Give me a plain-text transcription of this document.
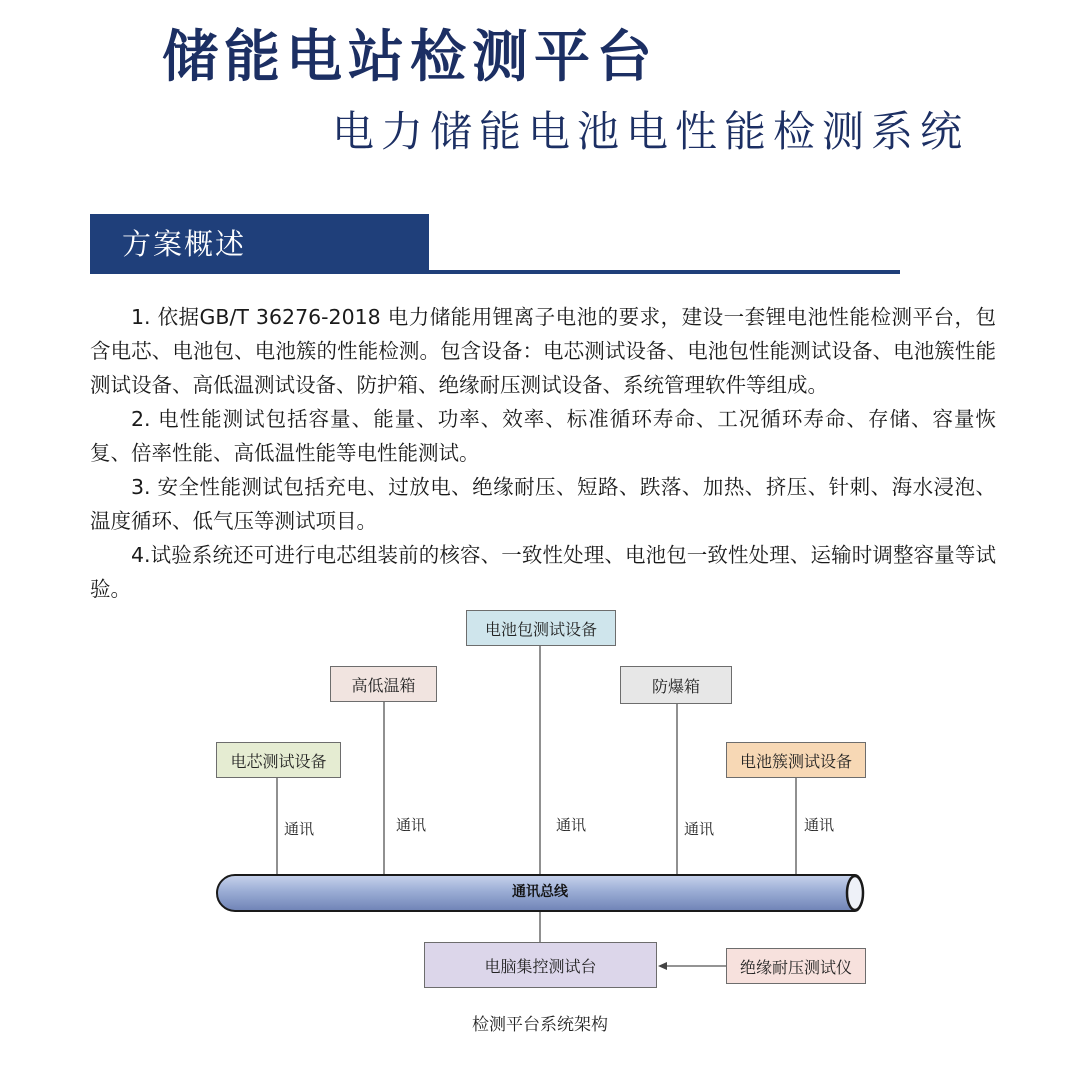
储能电站检测平台
电力储能电池电性能检测系统
方案概述

1. 依据GB/T 36276-2018 电力储能用锂离子电池的要求，建设一套锂电池性能检测平台，包含电芯、电池包、电池簇的性能检测。包含设备：电芯测试设备、电池包性能测试设备、电池簇性能测试设备、高低温测试设备、防护箱、绝缘耐压测试设备、系统管理软件等组成。

2. 电性能测试包括容量、能量、功率、效率、标准循环寿命、工况循环寿命、存储、容量恢复、倍率性能、高低温性能等电性能测试。

3. 安全性能测试包括充电、过放电、绝缘耐压、短路、跌落、加热、挤压、针刺、海水浸泡、温度循环、低气压等测试项目。

4.试验系统还可进行电芯组装前的核容、一致性处理、电池包一致性处理、运输时调整容量等试验。

电芯测试设备
高低温箱
电池包测试设备
防爆箱
电池簇测试设备
通讯	通讯	通讯	通讯	通讯
通讯总线
电脑集控测试台	绝缘耐压测试仪
检测平台系统架构
